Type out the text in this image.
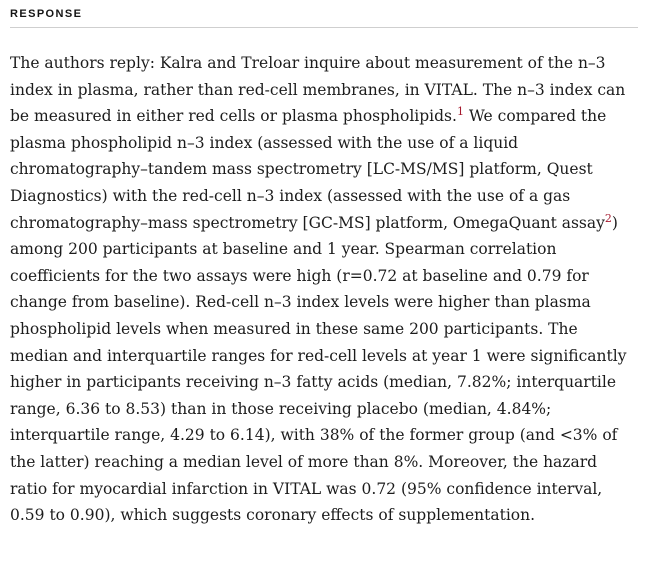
RESPONSE

The authors reply: Kalra and Treloar inquire about measurement of the n–3 index in plasma, rather than red-cell membranes, in VITAL. The n–3 index can be measured in either red cells or plasma phospholipids.$^1$ We compared the plasma phospholipid n–3 index (assessed with the use of a liquid chromatography–tandem mass spectrometry [LC-MS/MS] platform, Quest Diagnostics) with the red-cell n–3 index (assessed with the use of a gas chromatography–mass spectrometry [GC-MS] platform, OmegaQuant assay$^2$) among 200 participants at baseline and 1 year. Spearman correlation coefficients for the two assays were high (r=0.72 at baseline and 0.79 for change from baseline). Red-cell n–3 index levels were higher than plasma phospholipid levels when measured in these same 200 participants. The median and interquartile ranges for red-cell levels at year 1 were significantly higher in participants receiving n–3 fatty acids (median, 7.82%; interquartile range, 6.36 to 8.53) than in those receiving placebo (median, 4.84%; interquartile range, 4.29 to 6.14), with 38% of the former group (and <3% of the latter) reaching a median level of more than 8%. Moreover, the hazard ratio for myocardial infarction in VITAL was 0.72 (95% confidence interval, 0.59 to 0.90), which suggests coronary effects of supplementation.
